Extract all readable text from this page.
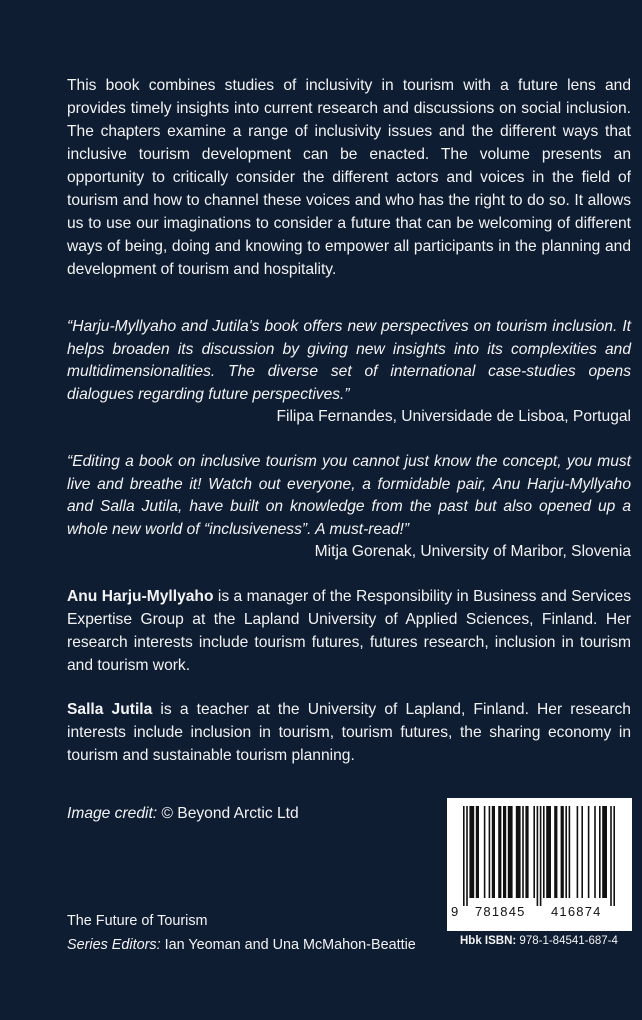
This book combines studies of inclusivity in tourism with a future lens and provides timely insights into current research and discussions on social inclusion. The chapters examine a range of inclusivity issues and the different ways that inclusive tourism development can be enacted. The volume presents an opportunity to critically consider the different actors and voices in the field of tourism and how to channel these voices and who has the right to do so. It allows us to use our imaginations to consider a future that can be welcoming of different ways of being, doing and knowing to empower all participants in the planning and development of tourism and hospitality.

“Harju-Myllyaho and Jutila's book offers new perspectives on tourism inclusion. It helps broaden its discussion by giving new insights into its complexities and multidimensionalities. The diverse set of international case-studies opens dialogues regarding future perspectives.”

Filipa Fernandes, Universidade de Lisboa, Portugal

“Editing a book on inclusive tourism you cannot just know the concept, you must live and breathe it! Watch out everyone, a formidable pair, Anu Harju-Myllyaho and Salla Jutila, have built on knowledge from the past but also opened up a whole new world of “inclusiveness”. A must-read!”

Mitja Gorenak, University of Maribor, Slovenia

Anu Harju-Myllyaho is a manager of the Responsibility in Business and Services Expertise Group at the Lapland University of Applied Sciences, Finland. Her research interests include tourism futures, futures research, inclusion in tourism and tourism work.

Salla Jutila is a teacher at the University of Lapland, Finland. Her research interests include inclusion in tourism, tourism futures, the sharing economy in tourism and sustainable tourism planning.

Image credit: © Beyond Arctic Ltd

The Future of Tourism
Series Editors: Ian Yeoman and Una McMahon-Beattie
9 781845 416874

Hbk ISBN: 978-1-84541-687-4
